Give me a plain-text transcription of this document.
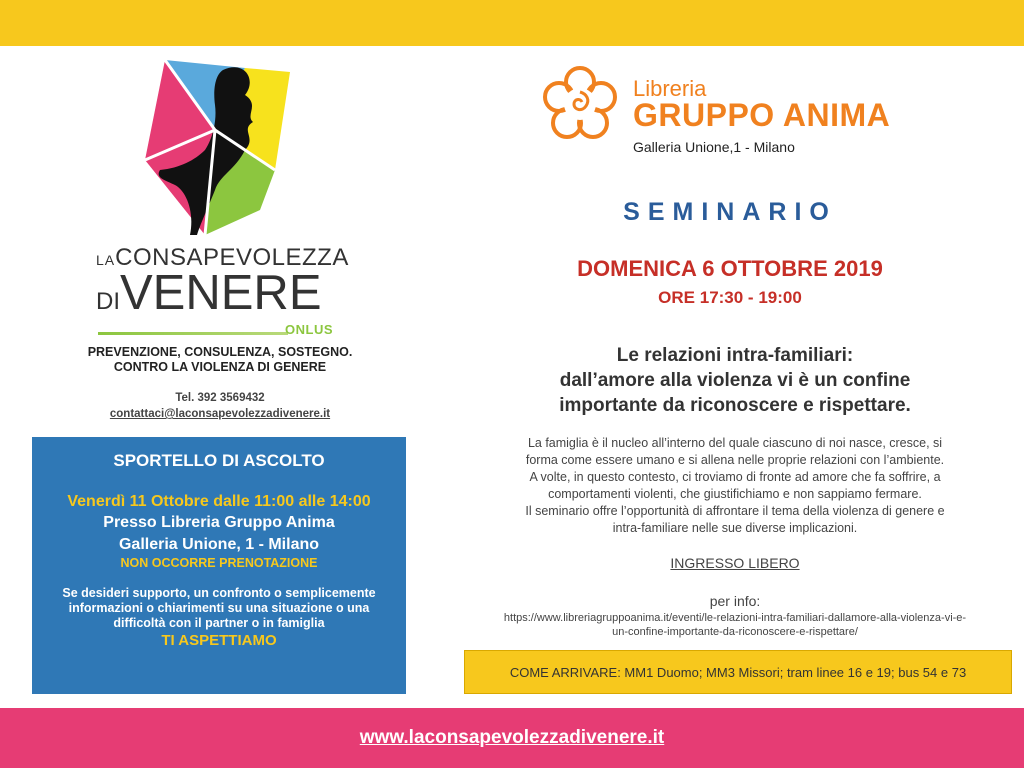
LACONSAPEVOLEZZA
DIVENERE
ONLUS
PREVENZIONE, CONSULENZA, SOSTEGNO.
CONTRO LA VIOLENZA DI GENERE
Tel. 392 3569432
contattaci@laconsapevolezzadivenere.it
SPORTELLO DI ASCOLTO
Venerdì 11 Ottobre dalle 11:00 alle 14:00
Presso Libreria Gruppo Anima
Galleria Unione, 1 - Milano
NON OCCORRE PRENOTAZIONE
Se desideri supporto, un confronto o semplicemente
informazioni o chiarimenti su una situazione o una
difficoltà con il partner o in famiglia
TI ASPETTIAMO
Libreria
GRUPPO ANIMA
Galleria Unione,1 - Milano
SEMINARIO
DOMENICA 6 OTTOBRE 2019
ORE 17:30 - 19:00
Le relazioni intra-familiari:
dall’amore alla violenza vi è un confine
importante da riconoscere e rispettare.
La famiglia è il nucleo all’interno del quale ciascuno di noi nasce, cresce, si
forma come essere umano e si allena nelle proprie relazioni con l’ambiente.
A volte, in questo contesto, ci troviamo di fronte ad amore che fa soffrire, a
comportamenti violenti, che giustifichiamo e non sappiamo fermare.
Il seminario offre l’opportunità di affrontare il tema della violenza di genere e
intra-familiare nelle sue diverse implicazioni.
INGRESSO LIBERO
per info:
https://www.libreriagruppoanima.it/eventi/le-relazioni-intra-familiari-dallamore-alla-violenza-vi-e-
un-confine-importante-da-riconoscere-e-rispettare/
COME ARRIVARE: MM1 Duomo; MM3 Missori; tram linee 16 e 19; bus 54 e 73
www.laconsapevolezzadivenere.it
